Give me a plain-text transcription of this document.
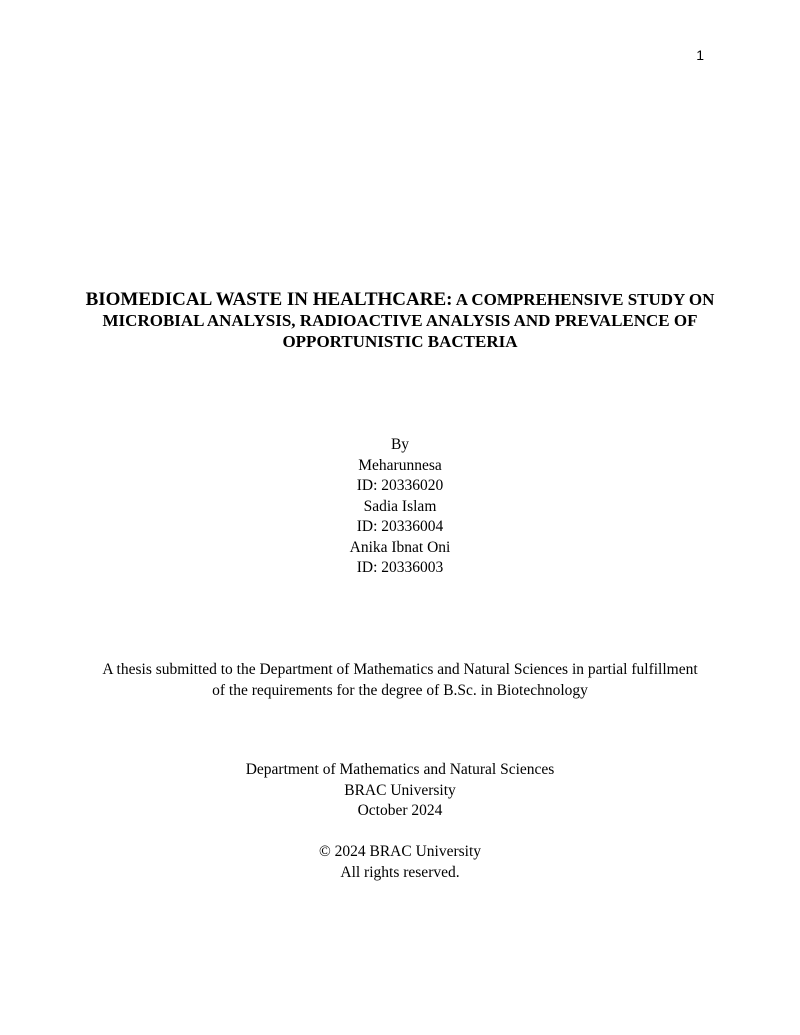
1
BIOMEDICAL WASTE IN HEALTHCARE: A COMPREHENSIVE STUDY ON MICROBIAL ANALYSIS, RADIOACTIVE ANALYSIS AND PREVALENCE OF OPPORTUNISTIC BACTERIA
By
Meharunnesa
ID: 20336020
Sadia Islam
ID: 20336004
Anika Ibnat Oni
ID: 20336003
A thesis submitted to the Department of Mathematics and Natural Sciences in partial fulfillment
of the requirements for the degree of B.Sc. in Biotechnology
Department of Mathematics and Natural Sciences
BRAC University
October 2024
© 2024 BRAC University
All rights reserved.
